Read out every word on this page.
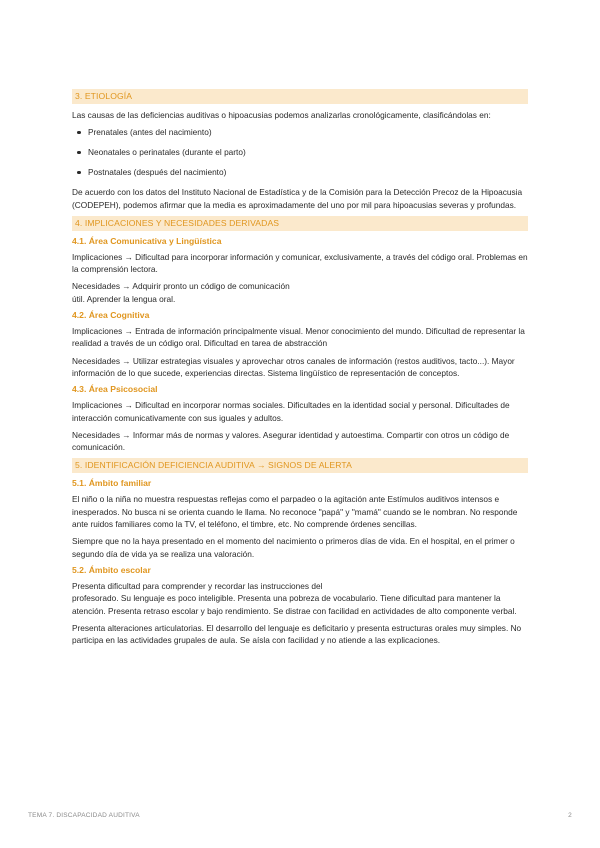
3. ETIOLOGÍA

Las causas de las deficiencias auditivas o hipoacusias podemos analizarlas cronológicamente, clasificándolas en:

Prenatales (antes del nacimiento)
Neonatales o perinatales (durante el parto)
Postnatales (después del nacimiento)

De acuerdo con los datos del Instituto Nacional de Estadística y de la Comisión para la Detección Precoz de la Hipoacusia (CODEPEH), podemos afirmar que la media es aproximadamente del uno por mil para hipoacusias severas y profundas.

4. IMPLICACIONES Y NECESIDADES DERIVADAS
4.1. Área Comunicativa y Lingüística

Implicaciones → Dificultad para incorporar información y comunicar, exclusivamente, a través del código oral. Problemas en la comprensión lectora.

Necesidades → Adquirir pronto un código de comunicación
útil. Aprender la lengua oral.

4.2. Área Cognitiva

Implicaciones → Entrada de información principalmente visual. Menor conocimiento del mundo. Dificultad de representar la realidad a través de un código oral. Dificultad en tarea de abstracción

Necesidades → Utilizar estrategias visuales y aprovechar otros canales de información (restos auditivos, tacto...). Mayor información de lo que sucede, experiencias directas. Sistema lingüístico de representación de conceptos.

4.3. Área Psicosocial

Implicaciones → Dificultad en incorporar normas sociales. Dificultades en la identidad social y personal. Dificultades de interacción comunicativamente con sus iguales y adultos.

Necesidades → Informar más de normas y valores. Asegurar identidad y autoestima. Compartir con otros un código de comunicación.

5. IDENTIFICACIÓN DEFICIENCIA AUDITIVA → SIGNOS DE ALERTA
5.1. Ámbito familiar

El niño o la niña no muestra respuestas reflejas como el parpadeo o la agitación ante Estímulos auditivos intensos e inesperados. No busca ni se orienta cuando le llama. No reconoce "papá" y "mamá" cuando se le nombran. No responde ante ruidos familiares como la TV, el teléfono, el timbre, etc. No comprende órdenes sencillas.

Siempre que no la haya presentado en el momento del nacimiento o primeros días de vida. En el hospital, en el primer o segundo día de vida ya se realiza una valoración.

5.2. Ámbito escolar

Presenta dificultad para comprender y recordar las instrucciones del
profesorado. Su lenguaje es poco inteligible. Presenta una pobreza de vocabulario. Tiene dificultad para mantener la atención. Presenta retraso escolar y bajo rendimiento. Se distrae con facilidad en actividades de alto componente verbal.

Presenta alteraciones articulatorias. El desarrollo del lenguaje es deficitario y presenta estructuras orales muy simples. No participa en las actividades grupales de aula. Se aísla con facilidad y no atiende a las explicaciones.

TEMA 7. DISCAPACIDAD AUDITIVA	2
